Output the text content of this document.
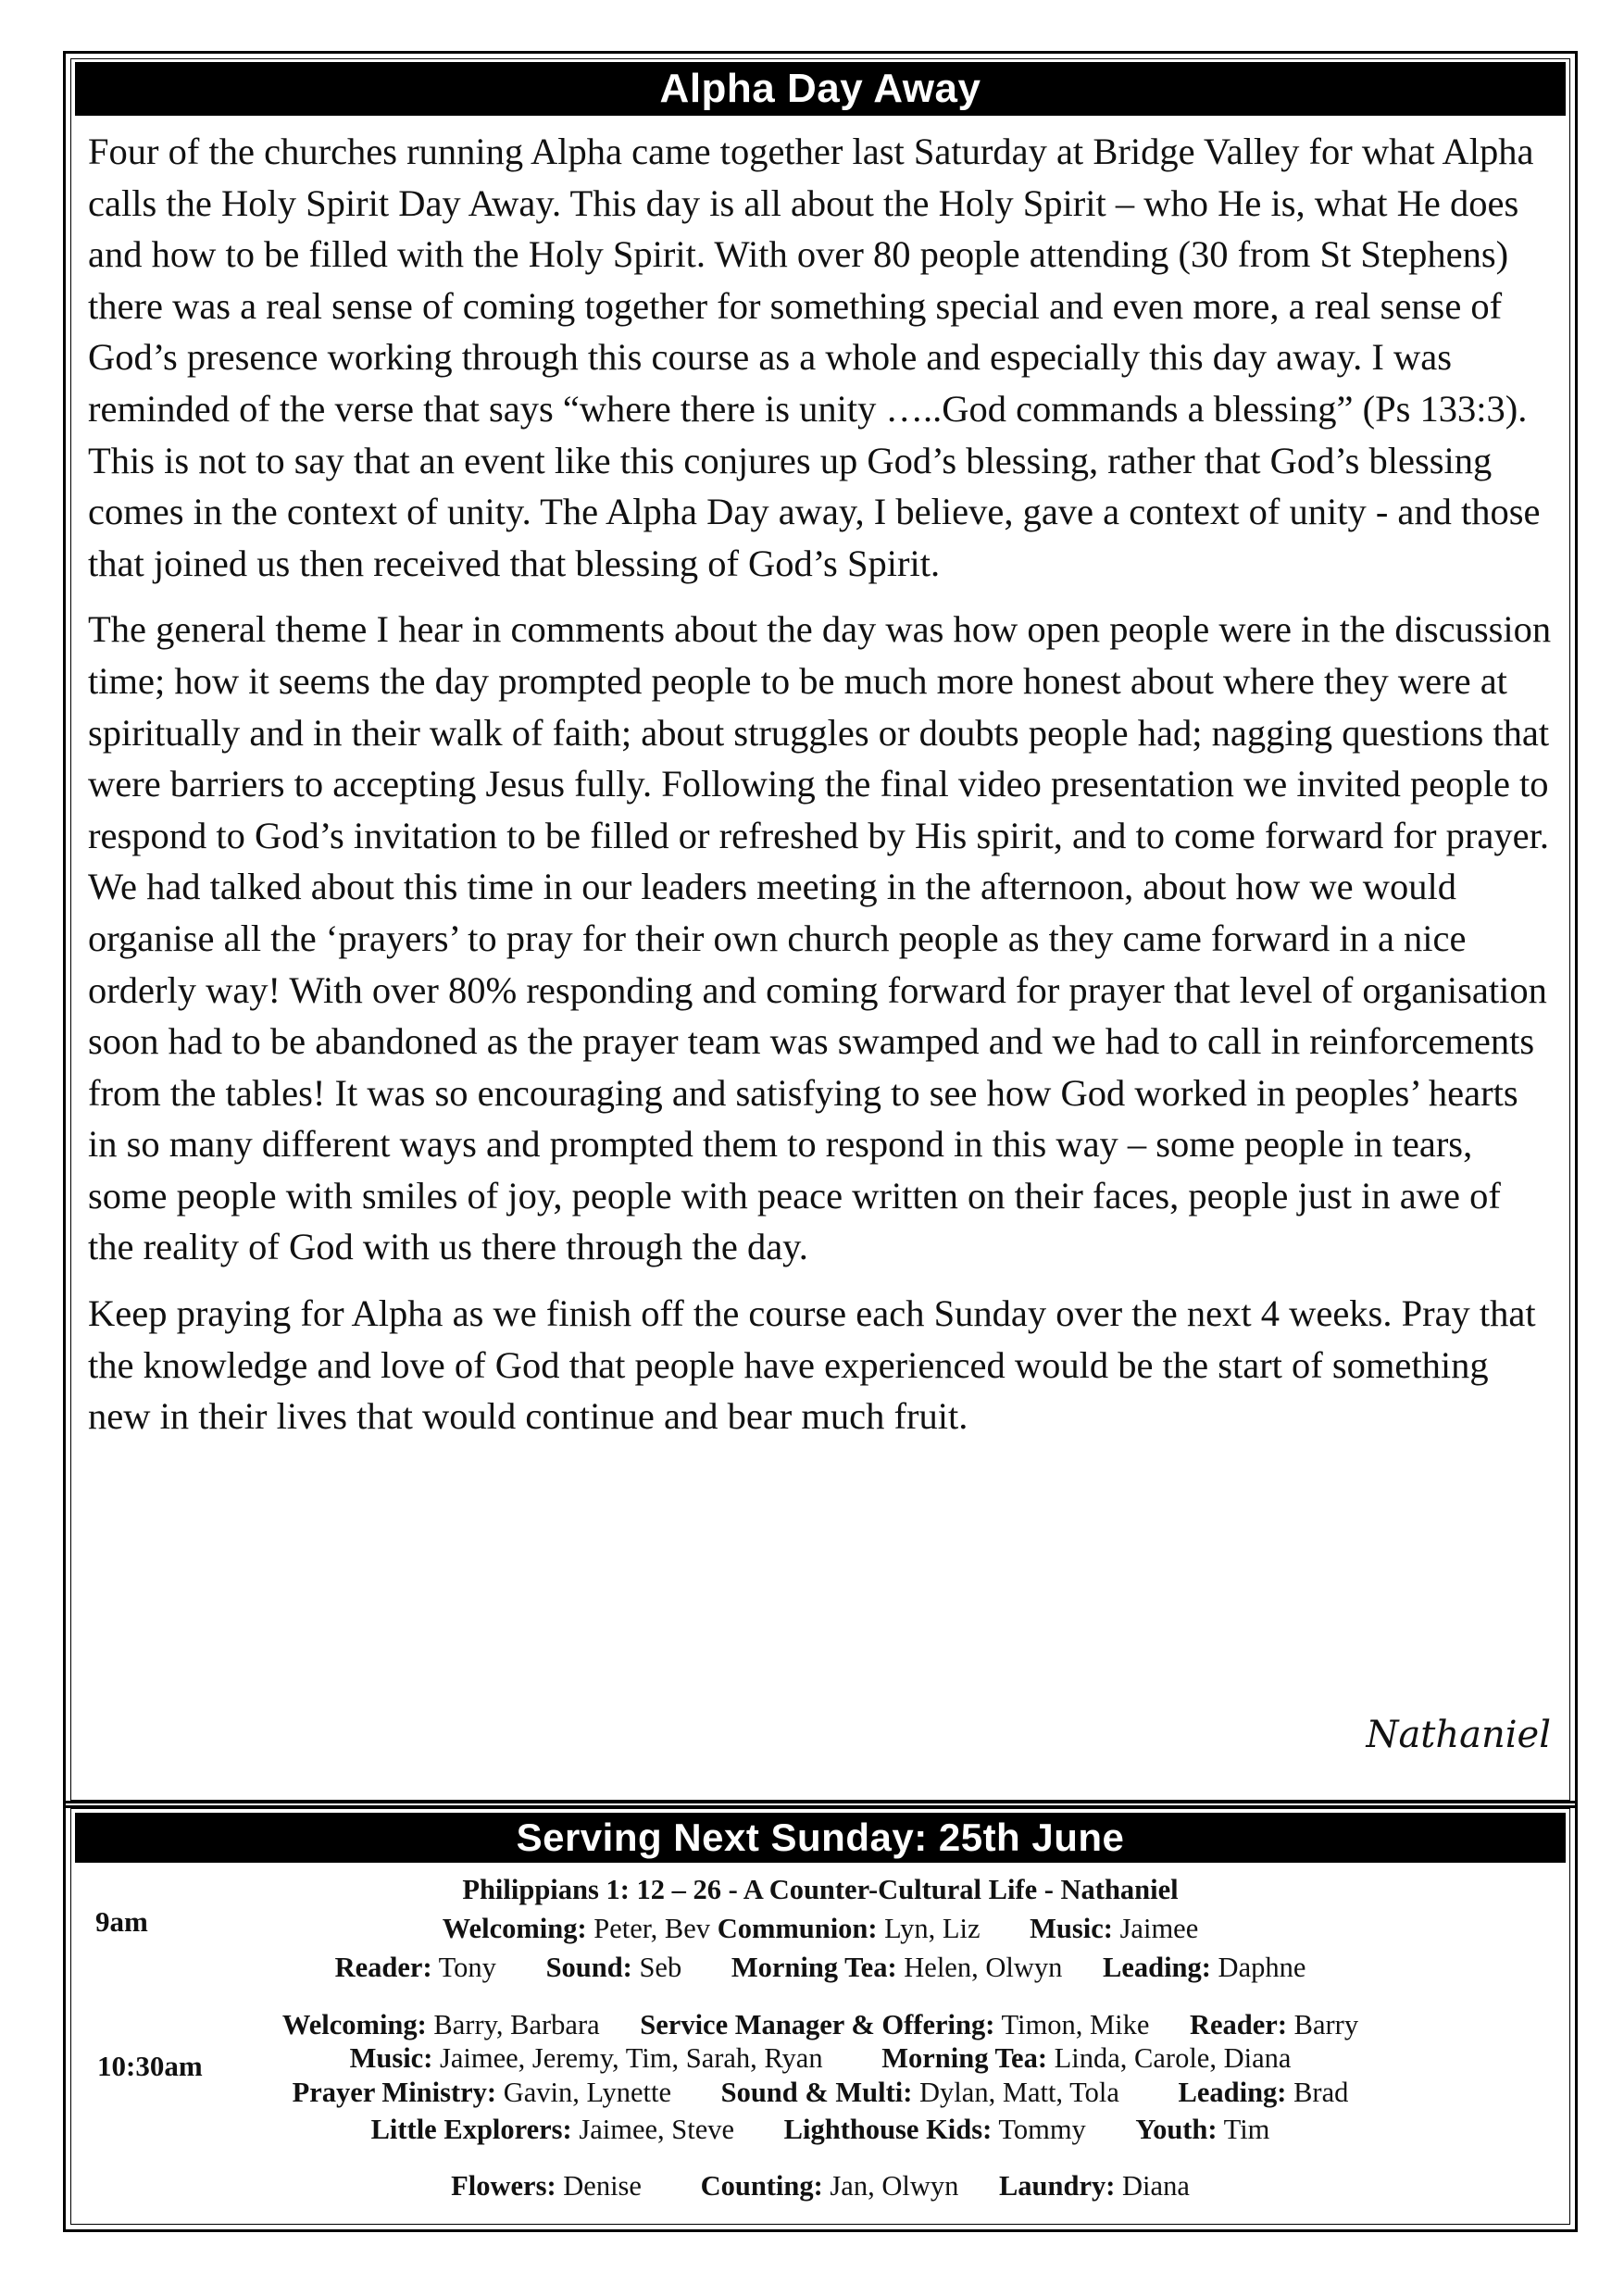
Alpha Day Away

Four of the churches running Alpha came together last Saturday at Bridge Valley for what Alpha calls the Holy Spirit Day Away. This day is all about the Holy Spirit – who He is, what He does and how to be filled with the Holy Spirit. With over 80 people attending (30 from St Stephens) there was a real sense of coming together for something special and even more, a real sense of God’s presence working through this course as a whole and especially this day away. I was reminded of the verse that says “where there is unity …..God commands a blessing” (Ps 133:3). This is not to say that an event like this conjures up God’s blessing, rather that God’s blessing comes in the context of unity. The Alpha Day away, I believe, gave a context of unity - and those that joined us then received that blessing of God’s Spirit.

The general theme I hear in comments about the day was how open people were in the discussion time; how it seems the day prompted people to be much more honest about where they were at spiritually and in their walk of faith; about struggles or doubts people had; nagging questions that were barriers to accepting Jesus fully. Following the final video presentation we invited people to respond to God’s invitation to be filled or refreshed by His spirit, and to come forward for prayer. We had talked about this time in our leaders meeting in the afternoon, about how we would organise all the ‘prayers’ to pray for their own church people as they came forward in a nice orderly way! With over 80% responding and coming forward for prayer that level of organisation soon had to be abandoned as the prayer team was swamped and we had to call in reinforcements from the tables! It was so encouraging and satisfying to see how God worked in peoples’ hearts in so many different ways and prompted them to respond in this way – some people in tears, some people with smiles of joy, people with peace written on their faces, people just in awe of the reality of God with us there through the day.

Keep praying for Alpha as we finish off the course each Sunday over the next 4 weeks. Pray that the knowledge and love of God that people have experienced would be the start of something new in their lives that would continue and bear much fruit.

Nathaniel
Serving Next Sunday: 25th June
Philippians 1: 12 – 26 - A Counter-Cultural Life - Nathaniel
9am	Welcoming: Peter, Bev Communion: Lyn, Liz Music: Jaimee
Reader: Tony Sound: Seb Morning Tea: Helen, Olwyn Leading: Daphne
Welcoming: Barry, Barbara Service Manager & Offering: Timon, Mike Reader: Barry
10:30am	Music: Jaimee, Jeremy, Tim, Sarah, Ryan Morning Tea: Linda, Carole, Diana
Prayer Ministry: Gavin, Lynette Sound & Multi: Dylan, Matt, Tola Leading: Brad
Little Explorers: Jaimee, Steve Lighthouse Kids: Tommy Youth: Tim
Flowers: Denise Counting: Jan, Olwyn Laundry: Diana
